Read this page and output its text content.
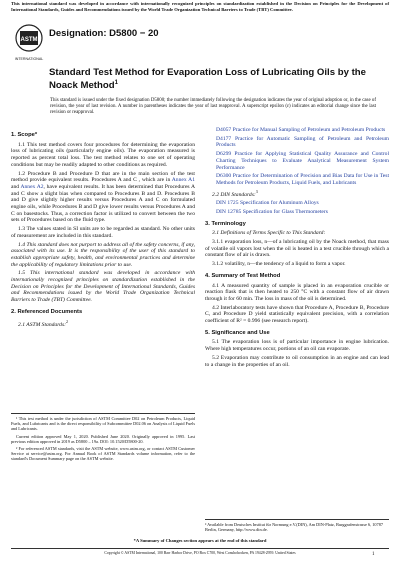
This international standard was developed in accordance with internationally recognized principles on standardization established in the Decision on Principles for the Development of International Standards, Guides and Recommendations issued by the World Trade Organization Technical Barriers to Trade (TBT) Committee.
ASTM
INTERNATIONAL
Designation: D5800 − 20
Standard Test Method for Evaporation Loss of Lubricating Oils by the Noack Method$^1$
This standard is issued under the fixed designation D5800; the number immediately following the designation indicates the year of original adoption or, in the case of revision, the year of last revision. A number in parentheses indicates the year of last reapproval. A superscript epsilon (ε) indicates an editorial change since the last revision or reapproval.
1. Scope*

1.1 This test method covers four procedures for determining the evaporation loss of lubricating oils (particularly engine oils). The evaporation measured is reported as percent total loss. The test method relates to one set of operating conditions but may be readily adapted to other conditions as required.

1.2 Procedure B and Procedure D that are in the main section of the test method provide equivalent results. Procedures A and C , which are in Annex A1 and Annex A2, have equivalent results. It has been determined that Procedures A and C show a slight bias when compared to Procedures B and D. Procedures B and D give slightly higher results versus Procedures A and C on formulated engine oils, while Procedures B and D give lower results versus Procedures A and C on basestocks. Thus, a correction factor is utilized to convert between the two sets of Procedures based on the fluid type.

1.3 The values stated in SI units are to be regarded as standard. No other units of measurement are included in this standard.

1.4 This standard does not purport to address all of the safety concerns, if any, associated with its use. It is the responsibility of the user of this standard to establish appropriate safety, health, and environmental practices and determine the applicability of regulatory limitations prior to use.

1.5 This international standard was developed in accordance with internationally recognized principles on standardization established in the Decision on Principles for the Development of International Standards, Guides and Recommendations issued by the World Trade Organization Technical Barriers to Trade (TBT) Committee.

2. Referenced Documents

2.1 ASTM Standards:$^2$

¹ This test method is under the jurisdiction of ASTM Committee D02 on Petroleum Products, Liquid Fuels, and Lubricants and is the direct responsibility of Subcommittee D02.06 on Analysis of Liquid Fuels and Lubricants.

Current edition approved May 1, 2020. Published June 2020. Originally approved in 1995. Last previous edition approved in 2019 as D5800 – 19a. DOI: 10.1520/D5800-20.

² For referenced ASTM standards, visit the ASTM website, www.astm.org, or contact ASTM Customer Service at service@astm.org. For Annual Book of ASTM Standards volume information, refer to the standard's Document Summary page on the ASTM website.

D4057 Practice for Manual Sampling of Petroleum and Petroleum Products

D4177 Practice for Automatic Sampling of Petroleum and Petroleum Products

D6299 Practice for Applying Statistical Quality Assurance and Control Charting Techniques to Evaluate Analytical Measurement System Performance

D6300 Practice for Determination of Precision and Bias Data for Use in Test Methods for Petroleum Products, Liquid Fuels, and Lubricants

2.2 DIN Standards:$^3$

DIN 1725 Specification for Aluminum Alloys

DIN 12785 Specification for Glass Thermometers

3. Terminology

3.1 Definitions of Terms Specific to This Standard:

3.1.1 evaporation loss, n—of a lubricating oil by the Noack method, that mass of volatile oil vapors lost when the oil is heated in a test crucible through which a constant flow of air is drawn.

3.1.2 volatility, n—the tendency of a liquid to form a vapor.

4. Summary of Test Method

4.1 A measured quantity of sample is placed in an evaporation crucible or reaction flask that is then heated to 250 °C with a constant flow of air drawn through it for 60 min. The loss in mass of the oil is determined.

4.2 Interlaboratory tests have shown that Procedure A, Procedure B, Procedure C, and Procedure D yield statistically equivalent precision, with a correlation coefficient of R² = 0.996 (see research report).

5. Significance and Use

5.1 The evaporation loss is of particular importance in engine lubrication. Where high temperatures occur, portions of an oil can evaporate.

5.2 Evaporation may contribute to oil consumption in an engine and can lead to a change in the properties of an oil.

³ Available from Deutsches Institut für Normung e.V.(DIN), Am DIN-Platz, Burggrafenstrasse 6, 10787 Berlin, Germany, http://www.din.de.
*A Summary of Changes section appears at the end of this standard
Copyright © ASTM International, 100 Barr Harbor Drive, PO Box C700, West Conshohocken, PA 19428-2959. United States	1
